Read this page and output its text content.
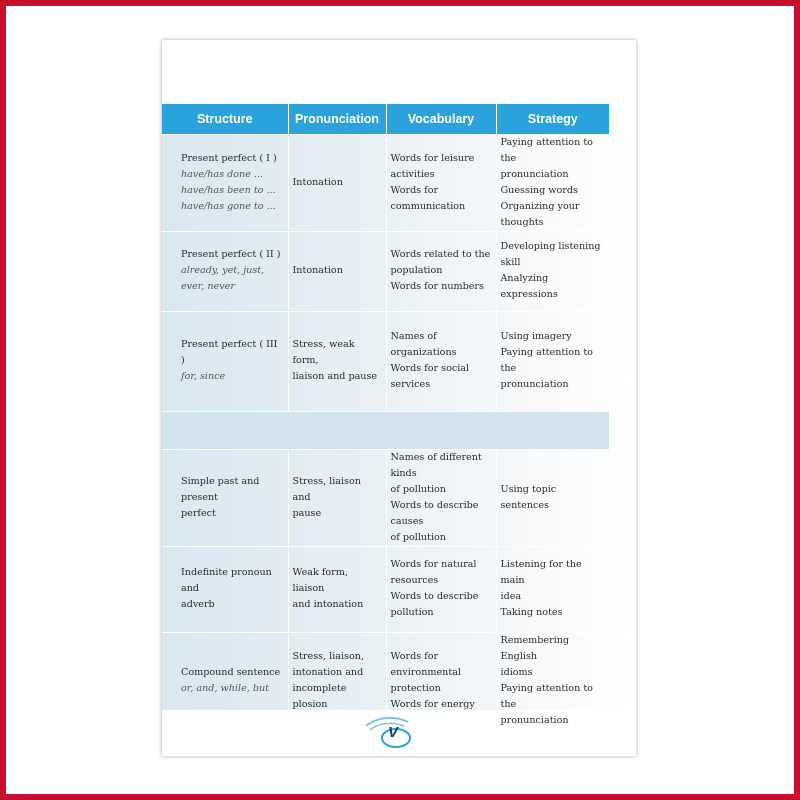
Structure	Pronunciation	Vocabulary	Strategy

Present perfect ( I )
have/has done ...
have/has been to ...
have/has gone to ...	Intonation	Words for leisure
activities
Words for communication	Paying attention to the
pronunciation
Guessing words
Organizing your thoughts

Present perfect ( II )
already, yet, just,
ever, never	Intonation	Words related to the
population
Words for numbers	Developing listening
skill
Analyzing expressions

Present perfect ( III )
for, since	Stress, weak form,
liaison and pause	Names of organizations
Words for social services	Using imagery
Paying attention to the
pronunciation

Simple past and present
perfect	Stress, liaison and
pause	Names of different kinds
of pollution
Words to describe causes
of pollution	Using topic sentences

Indefinite pronoun and
adverb	Weak form, liaison
and intonation	Words for natural
resources
Words to describe
pollution	Listening for the main
idea
Taking notes

Compound sentence
or, and, while, but	Stress, liaison,
intonation and
incomplete plosion	Words for environmental
protection
Words for energy	Remembering English
idioms
Paying attention to the
pronunciation
V
